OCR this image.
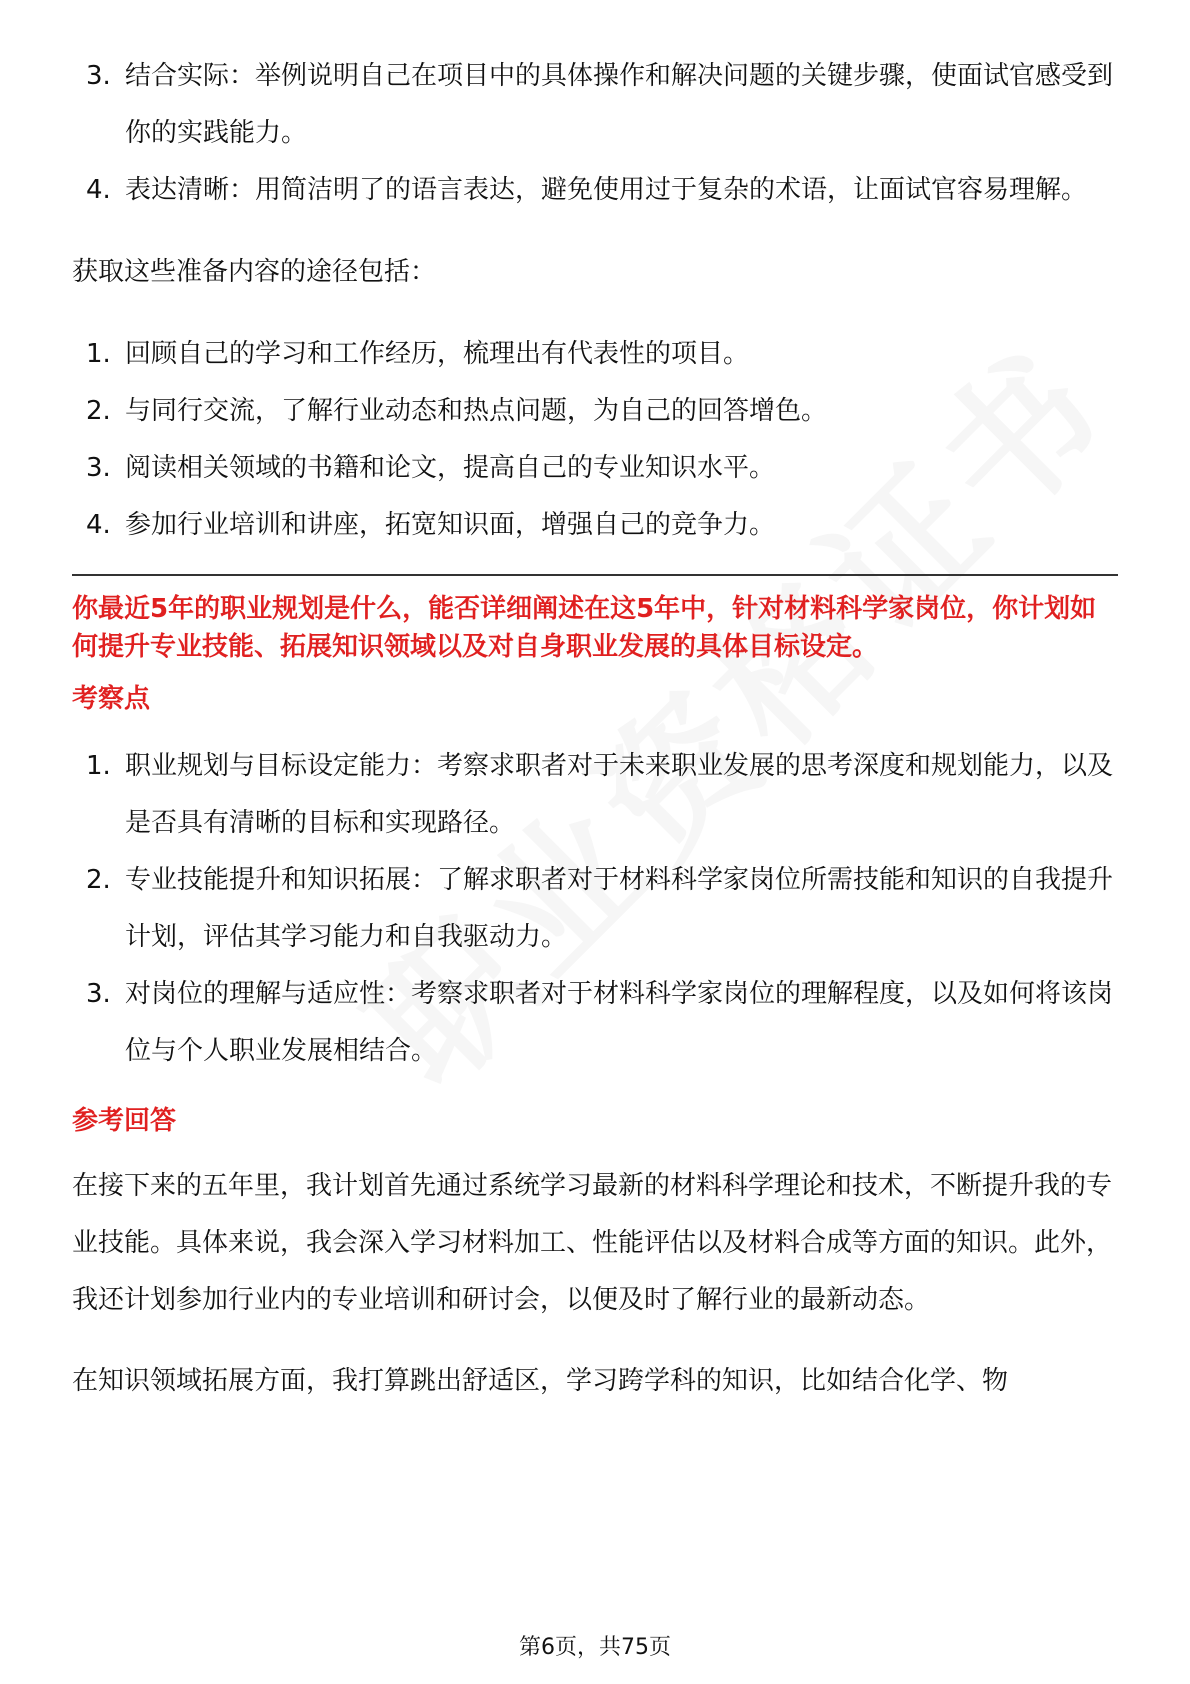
3. 结合实际：举例说明自己在项目中的具体操作和解决问题的关键步骤，使面试官感受到你的实践能力。
4. 表达清晰：用简洁明了的语言表达，避免使用过于复杂的术语，让面试官容易理解。

获取这些准备内容的途径包括：

1. 回顾自己的学习和工作经历，梳理出有代表性的项目。
2. 与同行交流，了解行业动态和热点问题，为自己的回答增色。
3. 阅读相关领域的书籍和论文，提高自己的专业知识水平。
4. 参加行业培训和讲座，拓宽知识面，增强自己的竞争力。

你最近5年的职业规划是什么，能否详细阐述在这5年中，针对材料科学家岗位，你计划如何提升专业技能、拓展知识领域以及对自身职业发展的具体目标设定。

考察点

1. 职业规划与目标设定能力：考察求职者对于未来职业发展的思考深度和规划能力，以及是否具有清晰的目标和实现路径。
2. 专业技能提升和知识拓展：了解求职者对于材料科学家岗位所需技能和知识的自我提升计划，评估其学习能力和自我驱动力。
3. 对岗位的理解与适应性：考察求职者对于材料科学家岗位的理解程度，以及如何将该岗位与个人职业发展相结合。

参考回答

在接下来的五年里，我计划首先通过系统学习最新的材料科学理论和技术，不断提升我的专业技能。具体来说，我会深入学习材料加工、性能评估以及材料合成等方面的知识。此外，我还计划参加行业内的专业培训和研讨会，以便及时了解行业的最新动态。

在知识领域拓展方面，我打算跳出舒适区，学习跨学科的知识，比如结合化学、物

第6页，共75页
